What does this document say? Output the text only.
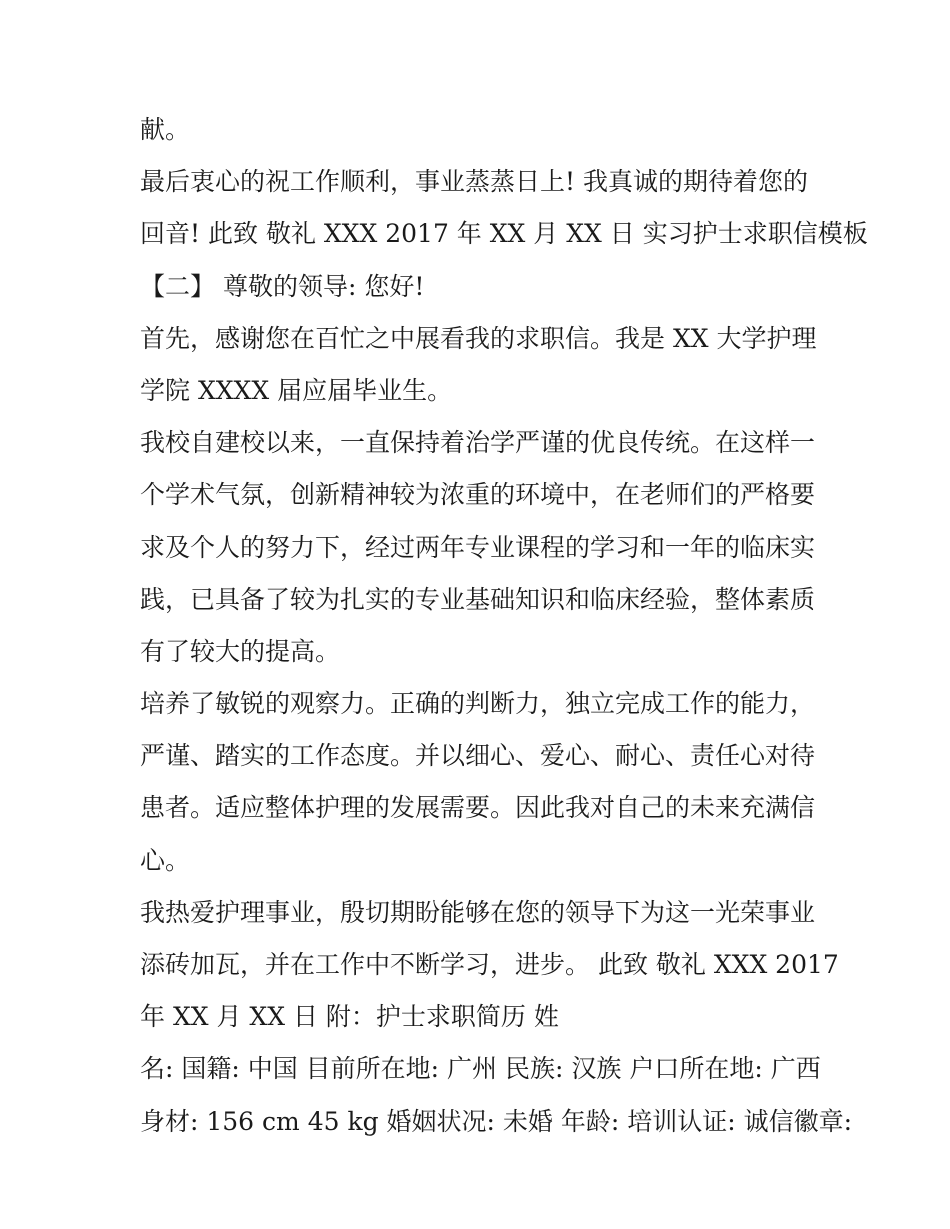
献。
最后衷心的祝工作顺利，事业蒸蒸日上! 我真诚的期待着您的
回音! 此致 敬礼 XXX 2017 年 XX 月 XX 日 实习护士求职信模板
【二】 尊敬的领导: 您好!
首先，感谢您在百忙之中展看我的求职信。我是 XX 大学护理
学院 XXXX 届应届毕业生。
我校自建校以来，一直保持着治学严谨的优良传统。在这样一
个学术气氛，创新精神较为浓重的环境中，在老师们的严格要
求及个人的努力下，经过两年专业课程的学习和一年的临床实
践，已具备了较为扎实的专业基础知识和临床经验，整体素质
有了较大的提高。
培养了敏锐的观察力。正确的判断力，独立完成工作的能力，
严谨、踏实的工作态度。并以细心、爱心、耐心、责任心对待
患者。适应整体护理的发展需要。因此我对自己的未来充满信
心。
我热爱护理事业，殷切期盼能够在您的领导下为这一光荣事业
添砖加瓦，并在工作中不断学习，进步。 此致 敬礼 XXX 2017
年 XX 月 XX 日 附：护士求职简历 姓
名: 国籍: 中国 目前所在地: 广州 民族: 汉族 户口所在地: 广西
身材: 156 cm 45 kg 婚姻状况: 未婚 年龄: 培训认证: 诚信徽章:
